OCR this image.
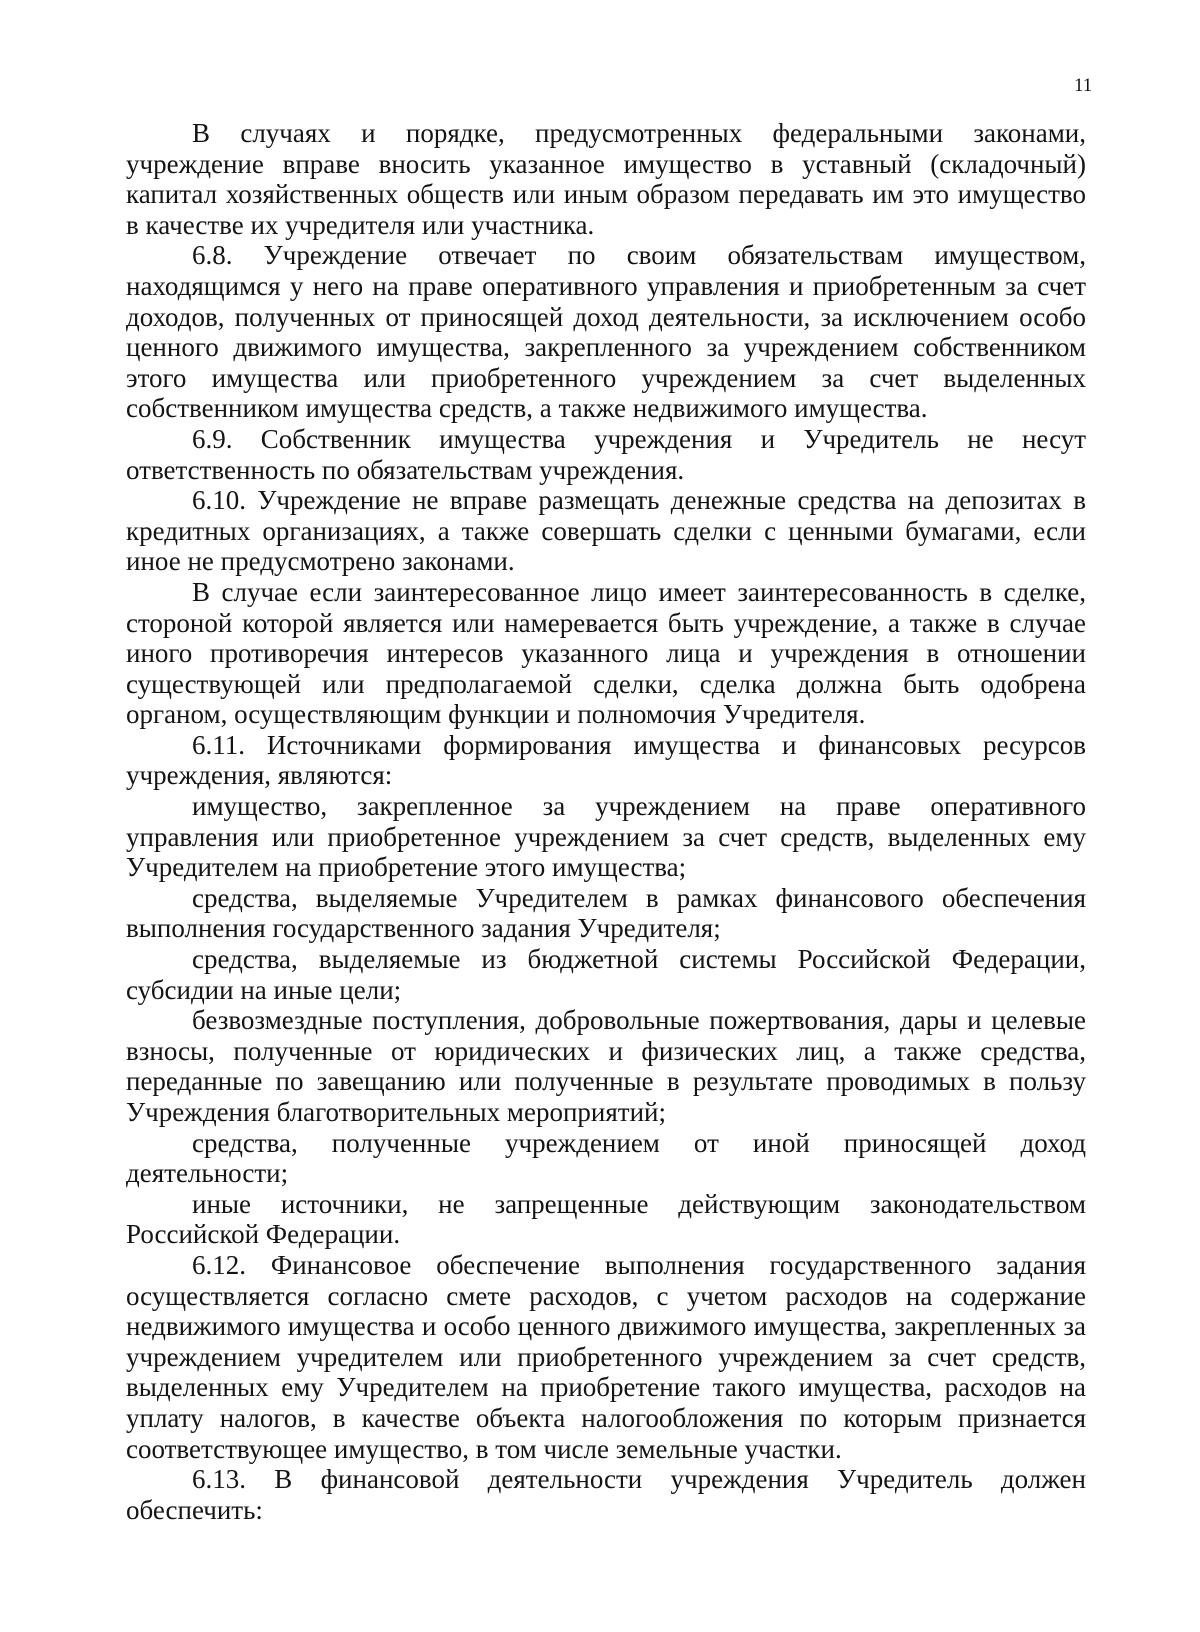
11

В случаях и порядке, предусмотренных федеральными законами, учреждение вправе вносить указанное имущество в уставный (складочный) капитал хозяйственных обществ или иным образом передавать им это имущество в качестве их учредителя или участника.

6.8. Учреждение отвечает по своим обязательствам имуществом, находящимся у него на праве оперативного управления и приобретенным за счет доходов, полученных от приносящей доход деятельности, за исключением особо ценного движимого имущества, закрепленного за учреждением собственником этого имущества или приобретенного учреждением за счет выделенных собственником имущества средств, а также недвижимого имущества.

6.9. Собственник имущества учреждения и Учредитель не несут ответственность по обязательствам учреждения.

6.10. Учреждение не вправе размещать денежные средства на депозитах в кредитных организациях, а также совершать сделки с ценными бумагами, если иное не предусмотрено законами.

В случае если заинтересованное лицо имеет заинтересованность в сделке, стороной которой является или намеревается быть учреждение, а также в случае иного противоречия интересов указанного лица и учреждения в отношении существующей или предполагаемой сделки, сделка должна быть одобрена органом, осуществляющим функции и полномочия Учредителя.

6.11. Источниками формирования имущества и финансовых ресурсов учреждения, являются:

имущество, закрепленное за учреждением на праве оперативного управления или приобретенное учреждением за счет средств, выделенных ему Учредителем на приобретение этого имущества;

средства, выделяемые Учредителем в рамках финансового обеспечения выполнения государственного задания Учредителя;

средства, выделяемые из бюджетной системы Российской Федерации, субсидии на иные цели;

безвозмездные поступления, добровольные пожертвования, дары и целевые взносы, полученные от юридических и физических лиц, а также средства, переданные по завещанию или полученные в результате проводимых в пользу Учреждения благотворительных мероприятий;

средства, полученные учреждением от иной приносящей доход деятельности;

иные источники, не запрещенные действующим законодательством Российской Федерации.

6.12. Финансовое обеспечение выполнения государственного задания осуществляется согласно смете расходов, с учетом расходов на содержание недвижимого имущества и особо ценного движимого имущества, закрепленных за учреждением учредителем или приобретенного учреждением за счет средств, выделенных ему Учредителем на приобретение такого имущества, расходов на уплату налогов, в качестве объекта налогообложения по которым признается соответствующее имущество, в том числе земельные участки.

6.13. В финансовой деятельности учреждения Учредитель должен обеспечить:
